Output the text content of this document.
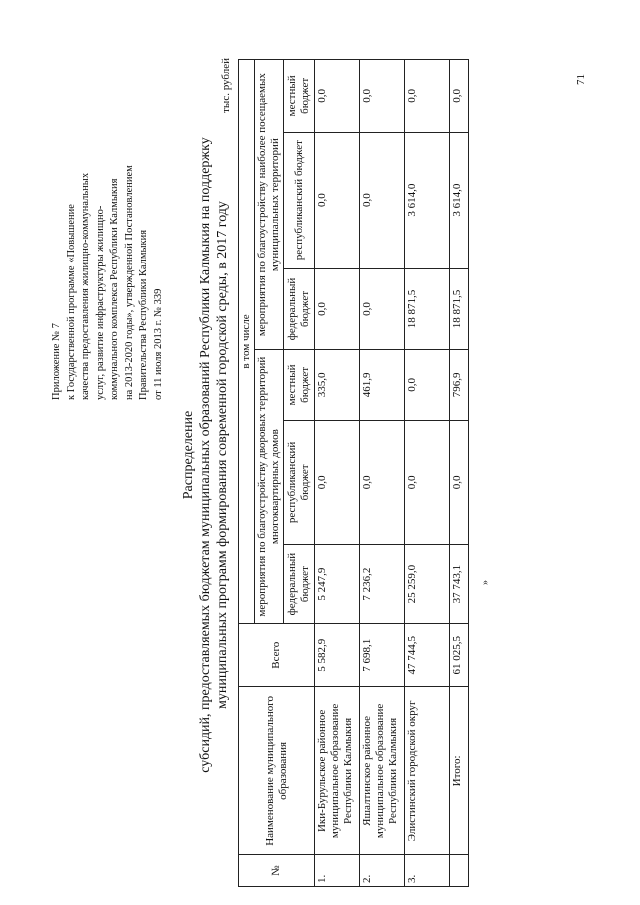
Приложение № 7 к Государственной программе «Повышение качества предоставления жилищно-коммунальных услуг, развитие инфраструктуры жилищно- коммунального комплекса Республики Калмыкия на 2013-2020 годы», утвержденной Постановлением Правительства Республики Калмыкия от 11 июля 2013 г. № 339
Распределение субсидий, предоставляемых бюджетам муниципальных образований Республики Калмыкия на поддержку муниципальных программ формирования современной городской среды, в 2017 году
тыс. рублей
№	Наименование муниципального образования	Всего	в том числе					
			мероприятия по благоустройству дворовых территорий многоквартирных домов			мероприятия по благоустройству наиболее посещаемых муниципальных территорий		
			федеральный бюджет	республиканский бюджет	местный бюджет	федеральный бюджет	республиканский бюджет	местный бюджет
1.	Ики-Бурульское районное муниципальное образование Республики Калмыкия	5 582,9	5 247,9	0,0	335,0	0,0	0,0	0,0
2.	Яшалтинское районное муниципальное образование Республики Калмыкия	7 698,1	7 236,2	0,0	461,9	0,0	0,0	0,0
3.	Элистинский городской округ	47 744,5	25 259,0	0,0	0,0	18 871,5	3 614,0	0,0
	Итого:	61 025,5	37 743,1	0,0	796,9	18 871,5	3 614,0	0,0
»
71
